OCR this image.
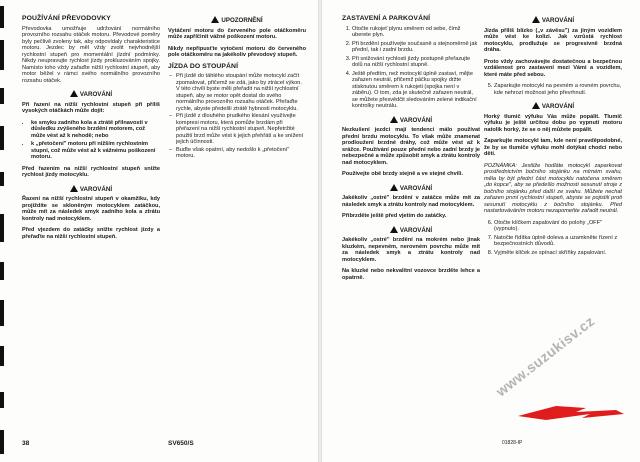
POUŽÍVÁNÍ PŘEVODOVKY

Převodovka umožňuje udržování normálního provozního rozsahu otáček motoru. Převodové poměry byly pečlivě zvoleny tak, aby odpovídaly charakteristice motoru. Jezdec by měl vždy zvolit nejvhodnější rychlostní stupeň pro momentální jízdní podmínky. Nikdy neupravujte rychlost jízdy prokluzováním spojky. Namísto toho vždy zařaďte nižší rychlostní stupeň, aby motor běžel v rámci svého normálního provozního rozsahu otáček.

VAROVÁNÍ

Při řazení na nižší rychlostní stupeň při příliš vysokých otáčkách může dojít:

• ke smyku zadního kola a ztrátě přilnavosti v důsledku zvýšeného brzdění motorem, což může vést až k nehodě; nebo
• k „přetočení" motoru při nižším rychlostním stupni, což může vést až k vážnému poškození motoru.

Před řazením na nižší rychlostní stupeň snižte rychlost jízdy motocyklu.

VAROVÁNÍ

Řazení na nižší rychlostní stupeň v okamžiku, kdy projíždíte se skloněným motocyklem zatáčkou, může mít za následek smyk zadního kola a ztrátu kontroly nad motocyklem.

Před vjezdem do zatáčky snižte rychlost jízdy a přeřaďte na nižší rychlostní stupeň.

UPOZORNĚNÍ

Vytáčení motoru do červeného pole otáčkoměru může zapříčinit vážné poškození motoru.

Nikdy nepřipusťte vytočení motoru do červeného pole otáčkoměru na jakékoliv převodový stupeň.

JÍZDA DO STOUPÁNÍ
– Při jízdě do táhlého stoupání může motocykl začít zpomalovat, přičemž se zdá, jako by ztrácel výkon. V této chvíli byste měli přeřadit na nižší rychlostní stupeň, aby se motor opět dostal do svého normálního provozního rozsahu otáček. Přeřaďte rychle, abyste předešli ztrátě hybnosti motocyklu.
– Při jízdě z dlouhého prudkého klesání využívejte kompresi motoru, která pomůže brzdám při přeřazení na nižší rychlostní stupeň. Nepřetržité použití brzd může vést k jejich přehřátí a ke snížení jejich účinnosti.
– Buďte však opatrní, aby nedošlo k „přetočení" motoru.
38	SV650/S
ZASTAVENÍ A PARKOVÁNÍ
1. Otočte rukojeť plynu směrem od sebe, čímž uberete plyn.
2. Při brzdění používejte současně a stejnoměrně jak přední, tak i zadní brzdu.
3. Při snižování rychlosti jízdy postupně přeřazujte dolů na nižší rychlostní stupně.
4. Ještě předtím, než motocykl úplně zastaví, mějte zařazen neutrál, přičemž páčku spojky držte stisknutou směrem k rukojeti (spojka není v záběru). O tom, zda je skutečně zařazen neutrál, se můžete přesvědčit sledováním zelené indikační kontrolky neutrálu.
VAROVÁNÍ

Nezkušení jezdci mají tendenci málo používat přední brzdu motocyklu. To však může znamenat prodloužení brzdné dráhy, což může vést až k srážce. Používání pouze přední nebo zadní brzdy je nebezpečné a může způsobit smyk a ztrátu kontroly nad motocyklem.

Používejte obě brzdy stejně a ve stejné chvíli.

VAROVÁNÍ

Jakékoliv „ostré" brzdění v zatáčce může mít za následek smyk a ztrátu kontroly nad motocyklem.

Přibrzděte ještě před vjetím do zatáčky.

VAROVÁNÍ

Jakékoliv „ostré" brzdění na mokrém nebo jinak kluzkém, nepevném, nerovném povrchu může mít za následek smyk a ztrátu kontroly nad motocyklem.

Na kluzké nebo nekvalitní vozovce brzděte lehce a opatrně.

VAROVÁNÍ

Jízda příliš blízko („v závěsu") za jiným vozidlem může vést ke kolizi. Jak vzrůstá rychlost motocyklu, prodlužuje se progresivně brzdná dráha.

Proto vždy zachovávejte dostatečnou a bezpečnou vzdálenost pro zastavení mezi Vámi a vozidlem, které máte před sebou.

5. Zaparkujte motocykl na pevném a rovném povrchu, kde nehrozí možnost jeho převrhnutí.
VAROVÁNÍ

Horký tlumič výfuku Vás může popálit. Tlumič výfuku je ještě určitou dobu po vypnutí motoru natolik horký, že se o něj můžete popálit.

Zaparkujte motocykl tam, kde není pravděpodobné, že by se tlumiče výfuku mohl dotýkat chodci nebo děti.

POZNÁMKA: Jestliže hodláte motocykl zaparkovat prostřednictvím bočního stojánku na mírném svahu, měla by být přední část motocyklu natočena směrem „do kopce", aby se předešlo možnosti sesunutí stroje z bočního stojánku před další ze svahu. Můžete nechat zařazen první rychlostní stupeň, abyste se pojistili proti sesunutí motocyklu z bočního stojánku. Před nastartováváním motoru nezapomeňte zařadit neutrál.

6. Otočte klíčkem zapalování do polohy „OFF" (vypnuto).
7. Natočte řídítka úplně doleva a uzamkněte řízení z bezpečnostních důvodů.
8. Vyjměte klíček ze spínací skříňky zapalování.
01828-IP
www.suzukisv.cz
